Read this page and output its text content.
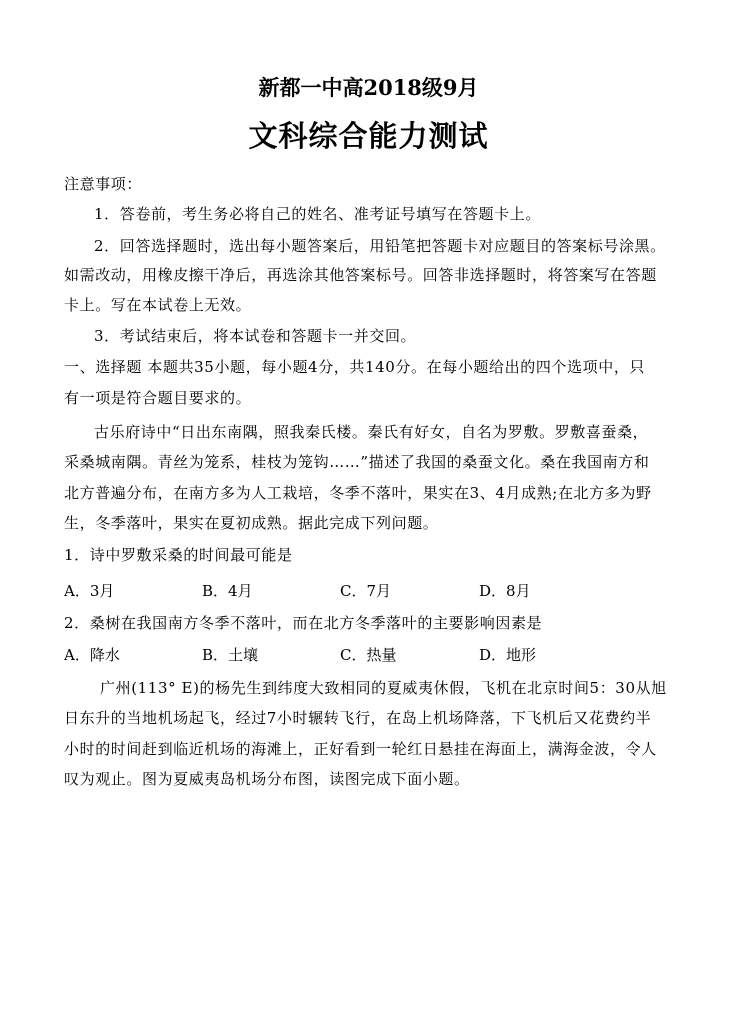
新都一中高2018级9月
文科综合能力测试
注意事项：
1．答卷前，考生务必将自己的姓名、准考证号填写在答题卡上。
2．回答选择题时，选出每小题答案后，用铅笔把答题卡对应题目的答案标号涂黑。
如需改动，用橡皮擦干净后，再选涂其他答案标号。回答非选择题时，将答案写在答题
卡上。写在本试卷上无效。
3．考试结束后，将本试卷和答题卡一并交回。
一、选择题 本题共35小题，每小题4分，共140分。在每小题给出的四个选项中，只
有一项是符合题目要求的。
古乐府诗中“日出东南隅，照我秦氏楼。秦氏有好女，自名为罗敷。罗敷喜蚕桑，
采桑城南隅。青丝为笼系，桂枝为笼钩……”描述了我国的桑蚕文化。桑在我国南方和
北方普遍分布，在南方多为人工栽培，冬季不落叶，果实在3、4月成熟;在北方多为野
生，冬季落叶，果实在夏初成熟。据此完成下列问题。
1．诗中罗敷采桑的时间最可能是
A．3月	B．4月	C．7月	D．8月
2．桑树在我国南方冬季不落叶，而在北方冬季落叶的主要影响因素是
A．降水	B．土壤	C．热量	D．地形
广州(113° E)的杨先生到纬度大致相同的夏威夷休假，飞机在北京时间5：30从旭
日东升的当地机场起飞，经过7小时辗转飞行，在岛上机场降落，下飞机后又花费约半
小时的时间赶到临近机场的海滩上，正好看到一轮红日悬挂在海面上，满海金波，令人
叹为观止。图为夏威夷岛机场分布图，读图完成下面小题。
